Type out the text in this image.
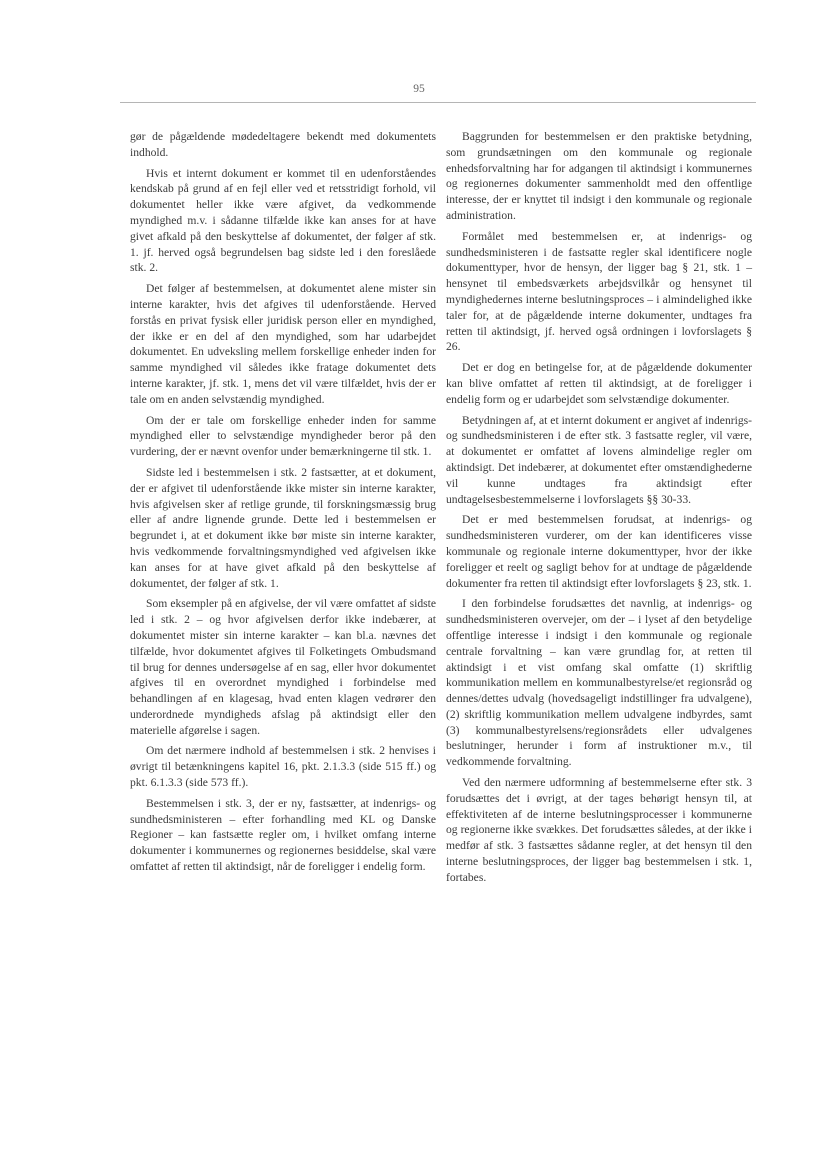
95

gør de pågældende mødedeltagere bekendt med dokumentets indhold.

Hvis et internt dokument er kommet til en udenforståendes kendskab på grund af en fejl eller ved et retsstridigt forhold, vil dokumentet heller ikke være afgivet, da vedkommende myndighed m.v. i sådanne tilfælde ikke kan anses for at have givet afkald på den beskyttelse af dokumentet, der følger af stk. 1. jf. herved også begrundelsen bag sidste led i den foreslåede stk. 2.

Det følger af bestemmelsen, at dokumentet alene mister sin interne karakter, hvis det afgives til udenforstående. Herved forstås en privat fysisk eller juridisk person eller en myndighed, der ikke er en del af den myndighed, som har udarbejdet dokumentet. En udveksling mellem forskellige enheder inden for samme myndighed vil således ikke fratage dokumentet dets interne karakter, jf. stk. 1, mens det vil være tilfældet, hvis der er tale om en anden selvstændig myndighed.

Om der er tale om forskellige enheder inden for samme myndighed eller to selvstændige myndigheder beror på den vurdering, der er nævnt ovenfor under bemærkningerne til stk. 1.

Sidste led i bestemmelsen i stk. 2 fastsætter, at et dokument, der er afgivet til udenforstående ikke mister sin interne karakter, hvis afgivelsen sker af retlige grunde, til forskningsmæssig brug eller af andre lignende grunde. Dette led i bestemmelsen er begrundet i, at et dokument ikke bør miste sin interne karakter, hvis vedkommende forvaltningsmyndighed ved afgivelsen ikke kan anses for at have givet afkald på den beskyttelse af dokumentet, der følger af stk. 1.

Som eksempler på en afgivelse, der vil være omfattet af sidste led i stk. 2 – og hvor afgivelsen derfor ikke indebærer, at dokumentet mister sin interne karakter – kan bl.a. nævnes det tilfælde, hvor dokumentet afgives til Folketingets Ombudsmand til brug for dennes undersøgelse af en sag, eller hvor dokumentet afgives til en overordnet myndighed i forbindelse med behandlingen af en klagesag, hvad enten klagen vedrører den underordnede myndigheds afslag på aktindsigt eller den materielle afgørelse i sagen.

Om det nærmere indhold af bestemmelsen i stk. 2 henvises i øvrigt til betænkningens kapitel 16, pkt. 2.1.3.3 (side 515 ff.) og pkt. 6.1.3.3 (side 573 ff.).

Bestemmelsen i stk. 3, der er ny, fastsætter, at indenrigs- og sundhedsministeren – efter forhandling med KL og Danske Regioner – kan fastsætte regler om, i hvilket omfang interne dokumenter i kommunernes og regionernes besiddelse, skal være omfattet af retten til aktindsigt, når de foreligger i endelig form.

Baggrunden for bestemmelsen er den praktiske betydning, som grundsætningen om den kommunale og regionale enhedsforvaltning har for adgangen til aktindsigt i kommunernes og regionernes dokumenter sammenholdt med den offentlige interesse, der er knyttet til indsigt i den kommunale og regionale administration.

Formålet med bestemmelsen er, at indenrigs- og sundhedsministeren i de fastsatte regler skal identificere nogle dokumenttyper, hvor de hensyn, der ligger bag § 21, stk. 1 – hensynet til embedsværkets arbejdsvilkår og hensynet til myndighedernes interne beslutningsproces – i almindelighed ikke taler for, at de pågældende interne dokumenter, undtages fra retten til aktindsigt, jf. herved også ordningen i lovforslagets § 26.

Det er dog en betingelse for, at de pågældende dokumenter kan blive omfattet af retten til aktindsigt, at de foreligger i endelig form og er udarbejdet som selvstændige dokumenter.

Betydningen af, at et internt dokument er angivet af indenrigs- og sundhedsministeren i de efter stk. 3 fastsatte regler, vil være, at dokumentet er omfattet af lovens almindelige regler om aktindsigt. Det indebærer, at dokumentet efter omstændighederne vil kunne undtages fra aktindsigt efter undtagelsesbestemmelserne i lovforslagets §§ 30-33.

Det er med bestemmelsen forudsat, at indenrigs- og sundhedsministeren vurderer, om der kan identificeres visse kommunale og regionale interne dokumenttyper, hvor der ikke foreligger et reelt og sagligt behov for at undtage de pågældende dokumenter fra retten til aktindsigt efter lovforslagets § 23, stk. 1.

I den forbindelse forudsættes det navnlig, at indenrigs- og sundhedsministeren overvejer, om der – i lyset af den betydelige offentlige interesse i indsigt i den kommunale og regionale centrale forvaltning – kan være grundlag for, at retten til aktindsigt i et vist omfang skal omfatte (1) skriftlig kommunikation mellem en kommunalbestyrelse/et regionsråd og dennes/dettes udvalg (hovedsageligt indstillinger fra udvalgene), (2) skriftlig kommunikation mellem udvalgene indbyrdes, samt (3) kommunalbestyrelsens/regionsrådets eller udvalgenes beslutninger, herunder i form af instruktioner m.v., til vedkommende forvaltning.

Ved den nærmere udformning af bestemmelserne efter stk. 3 forudsættes det i øvrigt, at der tages behørigt hensyn til, at effektiviteten af de interne beslutningsprocesser i kommunerne og regionerne ikke svækkes. Det forudsættes således, at der ikke i medfør af stk. 3 fastsættes sådanne regler, at det hensyn til den interne beslutningsproces, der ligger bag bestemmelsen i stk. 1, fortabes.
